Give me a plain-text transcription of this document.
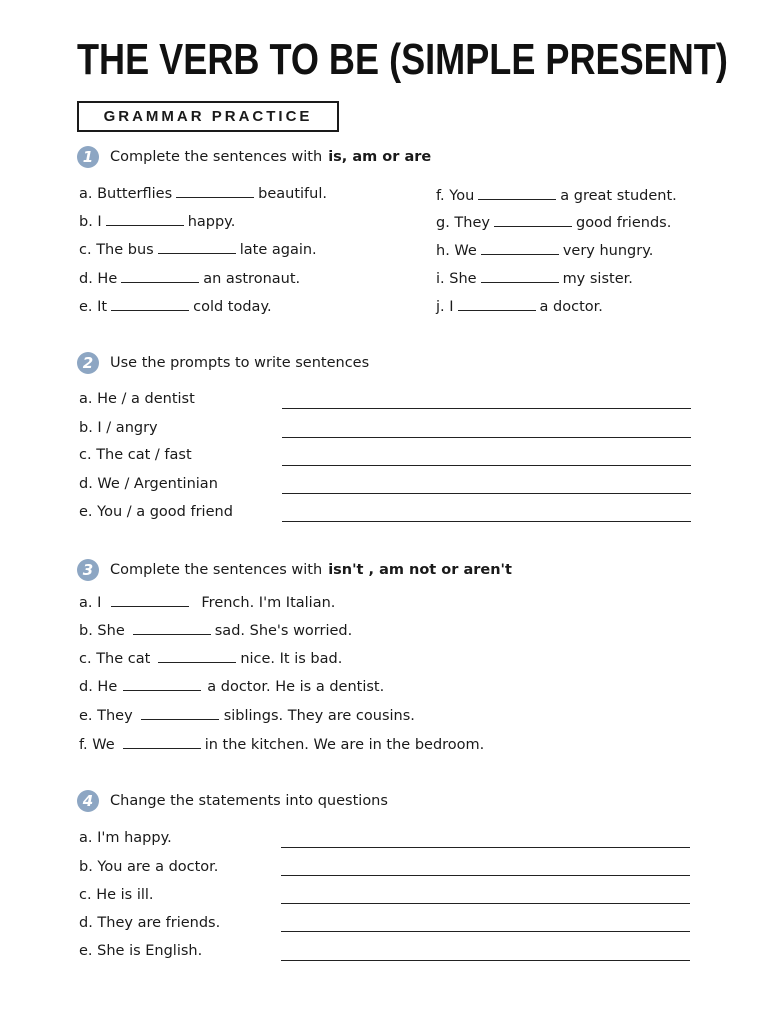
THE VERB TO BE (SIMPLE PRESENT)
GRAMMAR PRACTICE
1	Complete the sentences with is, am or are
a. Butterflies	beautiful.
b. I	happy.
c. The bus	late again.
d. He	an astronaut.
e. It	cold today.
f. You	a great student.
g. They	good friends.
h. We	very hungry.
i. She	my sister.
j. I	a doctor.
2	Use the prompts to write sentences
a. He / a dentist
b. I / angry
c. The cat / fast
d. We / Argentinian
e. You / a good friend
3	Complete the sentences with isn't , am not or aren't
a. I	French. I'm Italian.
b. She	sad. She's worried.
c. The cat	nice. It is bad.
d. He	a doctor. He is a dentist.
e. They	siblings. They are cousins.
f. We	in the kitchen. We are in the bedroom.
4	Change the statements into questions
a. I'm happy.
b. You are a doctor.
c. He is ill.
d. They are friends.
e. She is English.
